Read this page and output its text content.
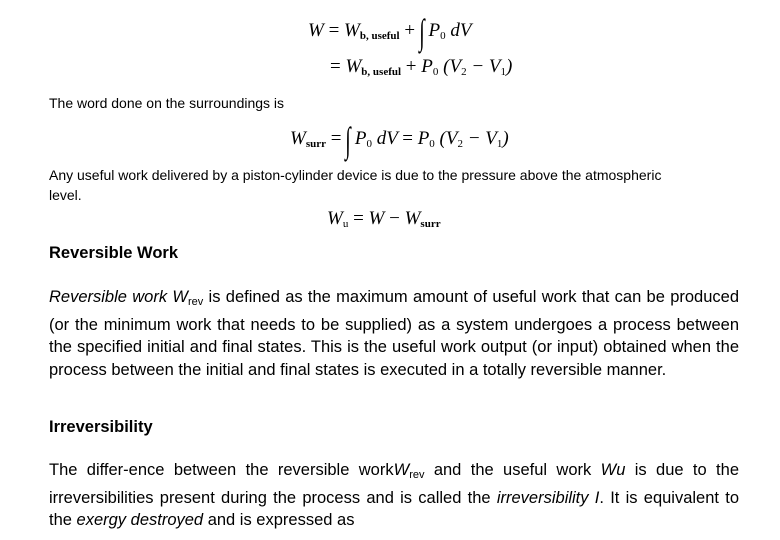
$W = W_{b, useful}$ + ∫ $P_0$ dV
= $W_{b, useful} + P_0$ $(V_2 - V_1)$
The word done on the surroundings is
$W_{surr}$ = ∫ $P_0$ dV = $P_0$ $(V_2 - V_1)$
Any useful work delivered by a piston-cylinder device is due to the pressure above the atmospheric level.
$W_u = W - W_{surr}$
Reversible Work
Reversible work Wrev is defined as the maximum amount of useful work that can be produced (or the minimum work that needs to be supplied) as a system undergoes a process between the specified initial and final states. This is the useful work output (or input) obtained when the process between the initial and final states is executed in a totally reversible manner.
Irreversibility
The differ-ence between the reversible workWrev and the useful work Wu is due to the irreversibilities present during the process and is called the irreversibility I. It is equivalent to the exergy destroyed and is expressed as
